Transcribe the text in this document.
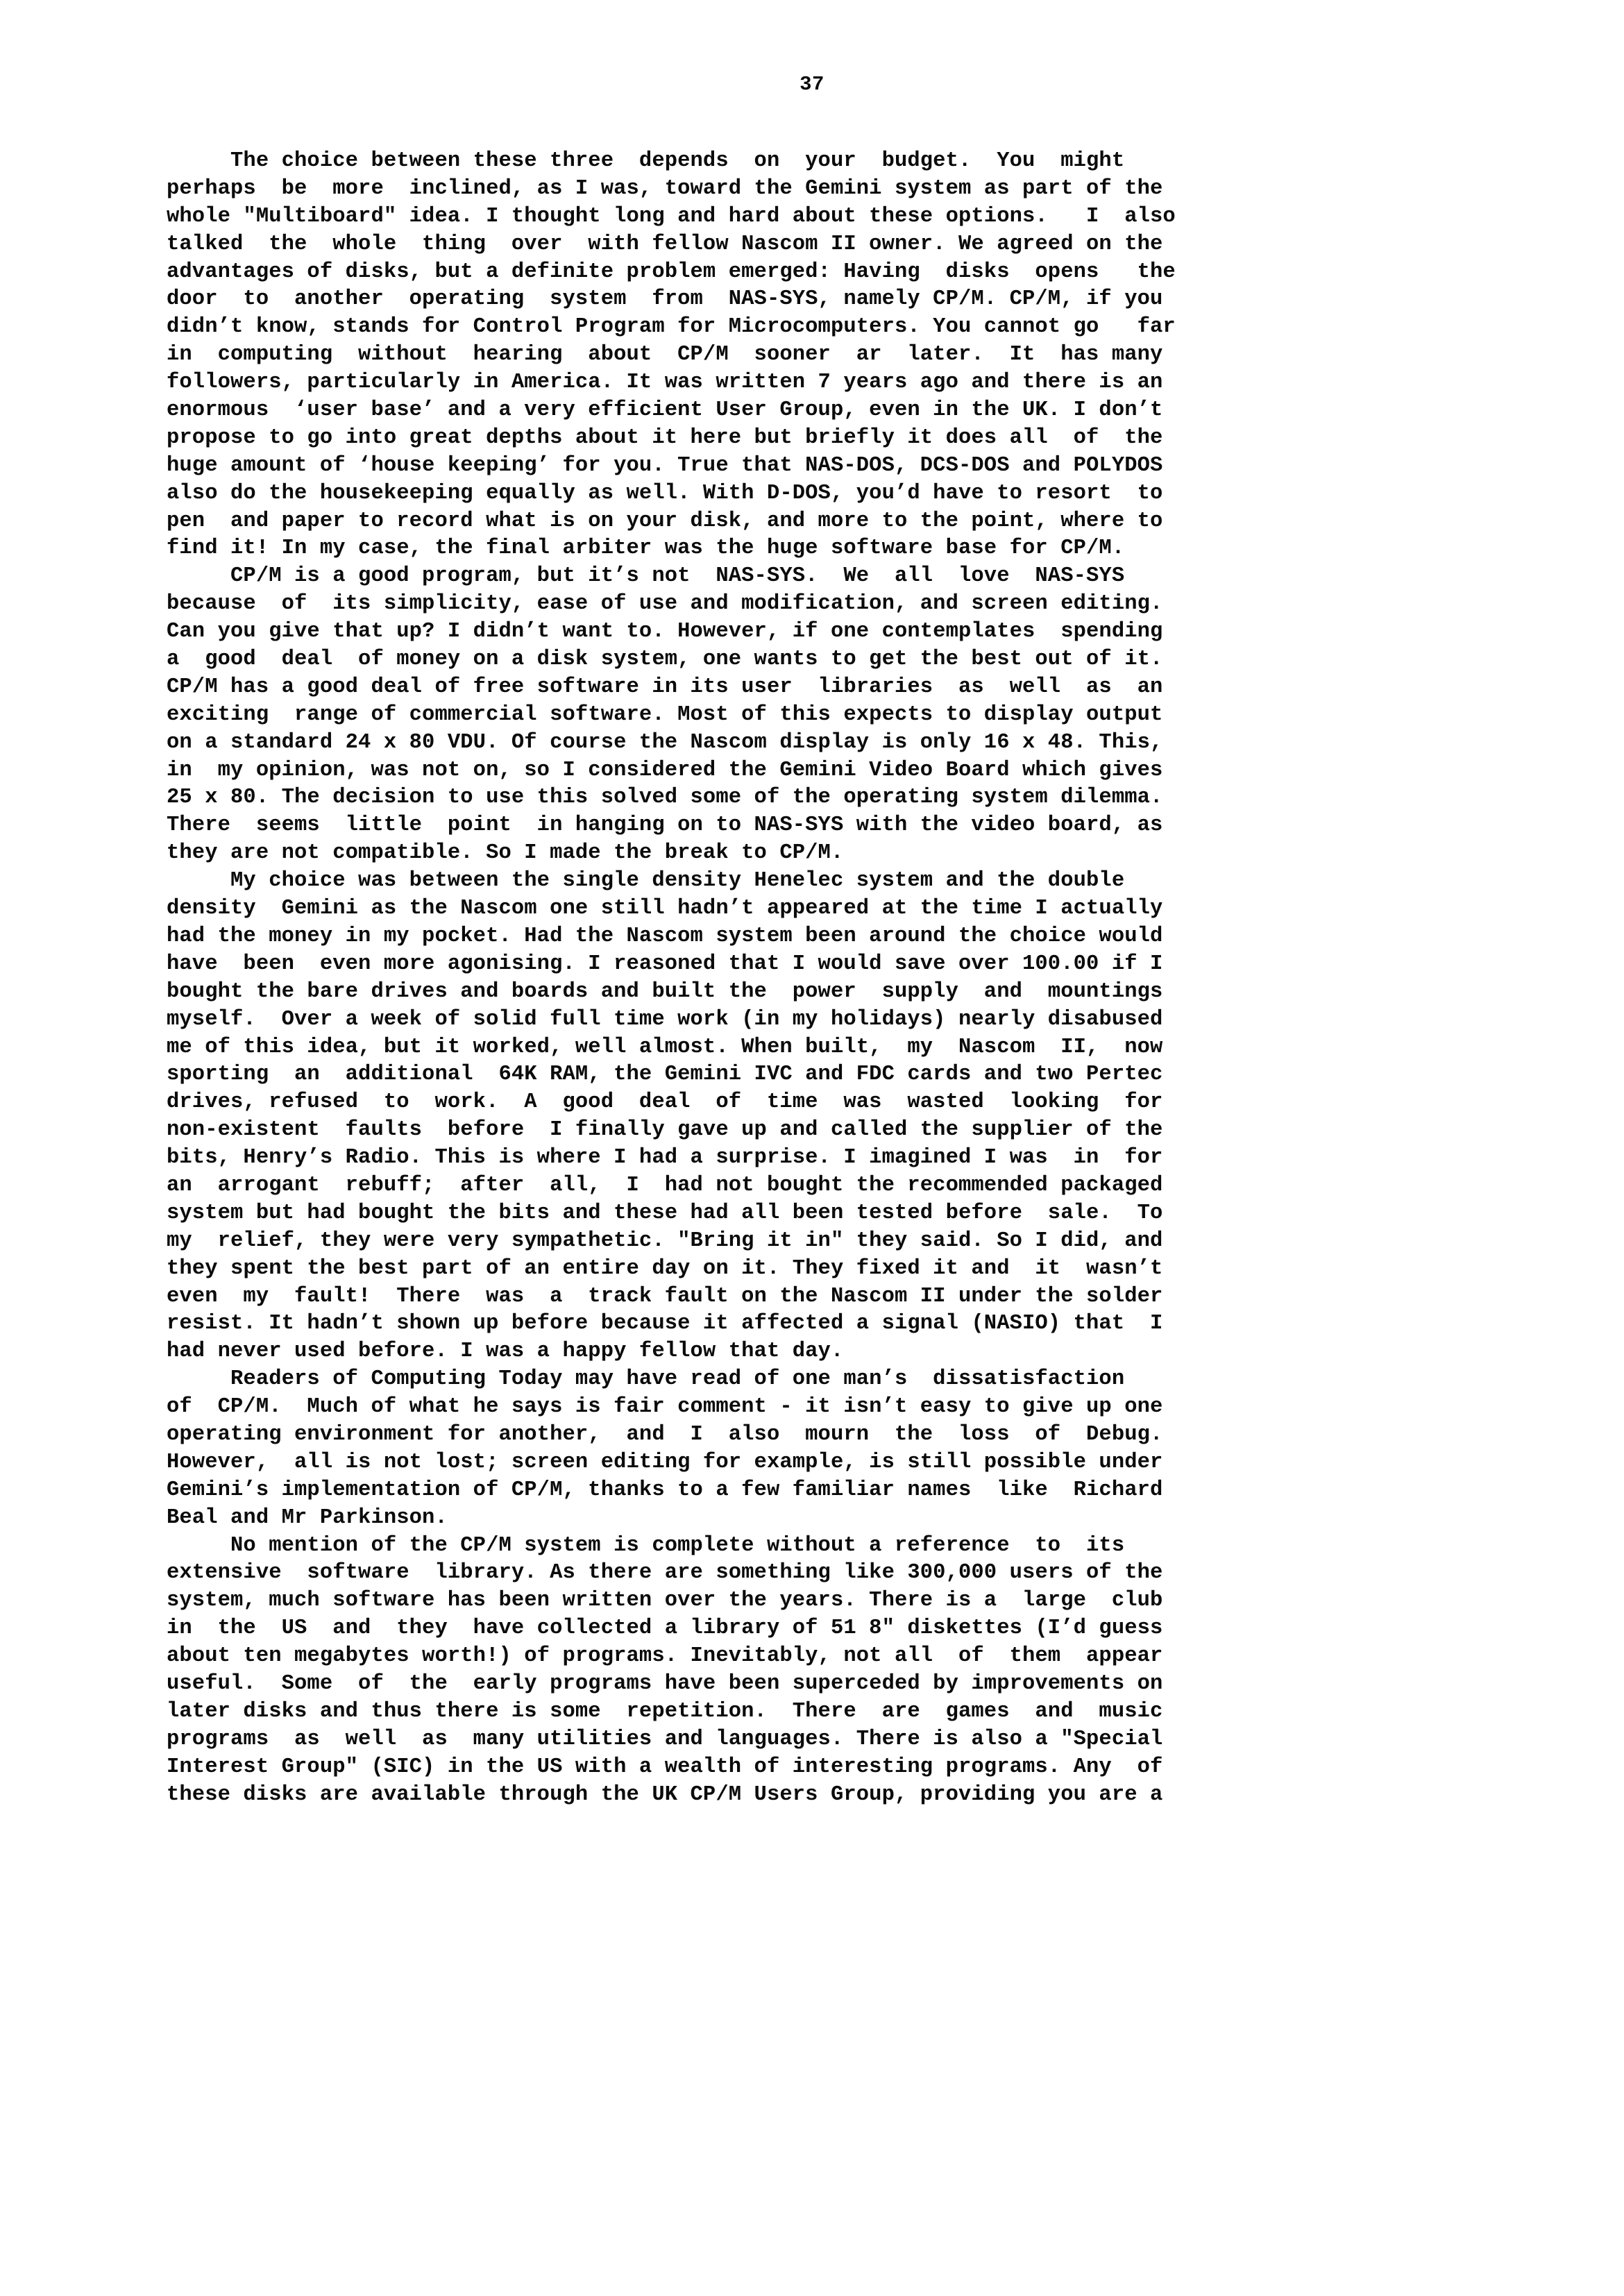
37
The choice between these three  depends  on  your  budget.  You  mightperhaps  be  more  inclined, as I was, toward the Gemini system as part of thewhole "Multiboard" idea. I thought long and hard about these options.   I  alsotalked  the  whole  thing  over  with fellow Nascom II owner. We agreed on theadvantages of disks, but a definite problem emerged: Having  disks  opens   thedoor  to  another  operating  system  from  NAS-SYS, namely CP/M. CP/M, if youdidn’t know, stands for Control Program for Microcomputers. You cannot go   farin  computing  without  hearing  about  CP/M  sooner  ar  later.  It  has manyfollowers, particularly in America. It was written 7 years ago and there is anenormous  ‘user base’ and a very efficient User Group, even in the UK. I don’tpropose to go into great depths about it here but briefly it does all  of  thehuge amount of ‘house keeping’ for you. True that NAS-DOS, DCS-DOS and POLYDOSalso do the housekeeping equally as well. With D-DOS, you’d have to resort  topen  and paper to record what is on your disk, and more to the point, where to
find it! In my case, the final arbiter was the huge software base for CP/M.
CP/M is a good program, but it’s not  NAS-SYS.  We  all  love  NAS-SYSbecause  of  its simplicity, ease of use and modification, and screen editing.Can you give that up? I didn’t want to. However, if one contemplates  spendinga  good  deal  of money on a disk system, one wants to get the best out of it.CP/M has a good deal of free software in its user  libraries  as  well  as  anexciting  range of commercial software. Most of this expects to display outputon a standard 24 x 80 VDU. Of course the Nascom display is only 16 x 48. This,in  my opinion, was not on, so I considered the Gemini Video Board which gives25 x 80. The decision to use this solved some of the operating system dilemma.There  seems  little  point  in hanging on to NAS-SYS with the video board, as
they are not compatible. So I made the break to CP/M.
My choice was between the single density Henelec system and the doubledensity  Gemini as the Nascom one still hadn’t appeared at the time I actuallyhad the money in my pocket. Had the Nascom system been around the choice wouldhave  been  even more agonising. I reasoned that I would save over 100.00 if Ibought the bare drives and boards and built the  power  supply  and  mountingsmyself.  Over a week of solid full time work (in my holidays) nearly disabusedme of this idea, but it worked, well almost. When built,  my  Nascom  II,  nowsporting  an  additional  64K RAM, the Gemini IVC and FDC cards and two Pertecdrives, refused  to  work.  A  good  deal  of  time  was  wasted  looking  fornon-existent  faults  before  I finally gave up and called the supplier of thebits, Henry’s Radio. This is where I had a surprise. I imagined I was  in  foran  arrogant  rebuff;  after  all,  I  had not bought the recommended packagedsystem but had bought the bits and these had all been tested before  sale.  Tomy  relief, they were very sympathetic. "Bring it in" they said. So I did, andthey spent the best part of an entire day on it. They fixed it and  it  wasn’teven  my  fault!  There  was  a  track fault on the Nascom II under the solderresist. It hadn’t shown up before because it affected a signal (NASIO) that  I
had never used before. I was a happy fellow that day.
Readers of Computing Today may have read of one man’s  dissatisfactionof  CP/M.  Much of what he says is fair comment - it isn’t easy to give up oneoperating environment for another,  and  I  also  mourn  the  loss  of  Debug.However,  all is not lost; screen editing for example, is still possible underGemini’s implementation of CP/M, thanks to a few familiar names  like  Richard
Beal and Mr Parkinson.
No mention of the CP/M system is complete without a reference  to  itsextensive  software  library. As there are something like 300,000 users of thesystem, much software has been written over the years. There is a  large  clubin  the  US  and  they  have collected a library of 51 8" diskettes (I’d guessabout ten megabytes worth!) of programs. Inevitably, not all  of  them  appearuseful.  Some  of  the  early programs have been superceded by improvements onlater disks and thus there is some  repetition.  There  are  games  and  musicprograms  as  well  as  many utilities and languages. There is also a "SpecialInterest Group" (SIC) in the US with a wealth of interesting programs. Any  of
these disks are available through the UK CP/M Users Group, providing you are a
